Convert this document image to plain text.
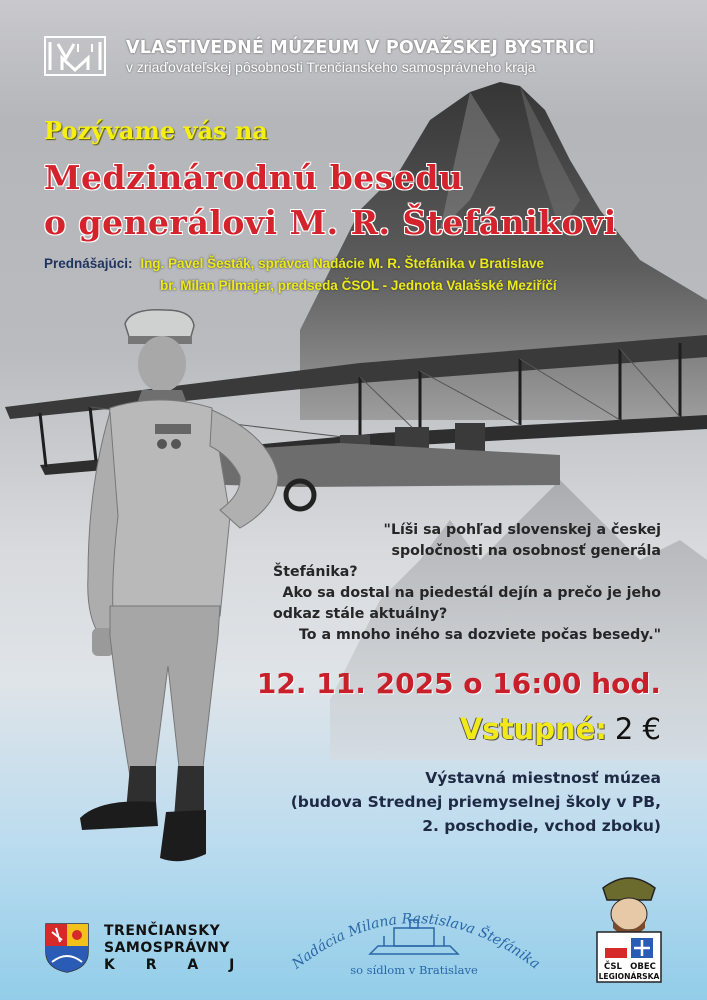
VLASTIVEDNÉ MÚZEUM V POVAŽSKEJ BYSTRICI
v zriaďovateľskej pôsobnosti Trenčianskeho samosprávneho kraja
Pozývame vás na
Medzinárodnú besedu
o generálovi M. R. Štefánikovi
Prednášajúci: Ing. Pavel Šesták, správca Nadácie M. R. Štefánika v Bratislave
br. Milan Pilmajer, predseda ČSOL - Jednota Valašské Meziříčí
"Líši sa pohľad slovenskej a českej
spoločnosti na osobnosť generála
Štefánika?
Ako sa dostal na piedestál dejín a prečo je jeho
odkaz stále aktuálny?
To a mnoho iného sa dozviete počas besedy."
12. 11. 2025 o 16:00 hod.
Vstupné: 2 €
Výstavná miestnosť múzea
(budova Strednej priemyselnej školy v PB,
2. poschodie, vchod zboku)
TRENČIANSKY
SAMOSPRÁVNY
K R A J	Nadácia Milana Rastislava Štefánika
so sídlom v Bratislave	ČSL OBEC
LEGIONÁRSKA
